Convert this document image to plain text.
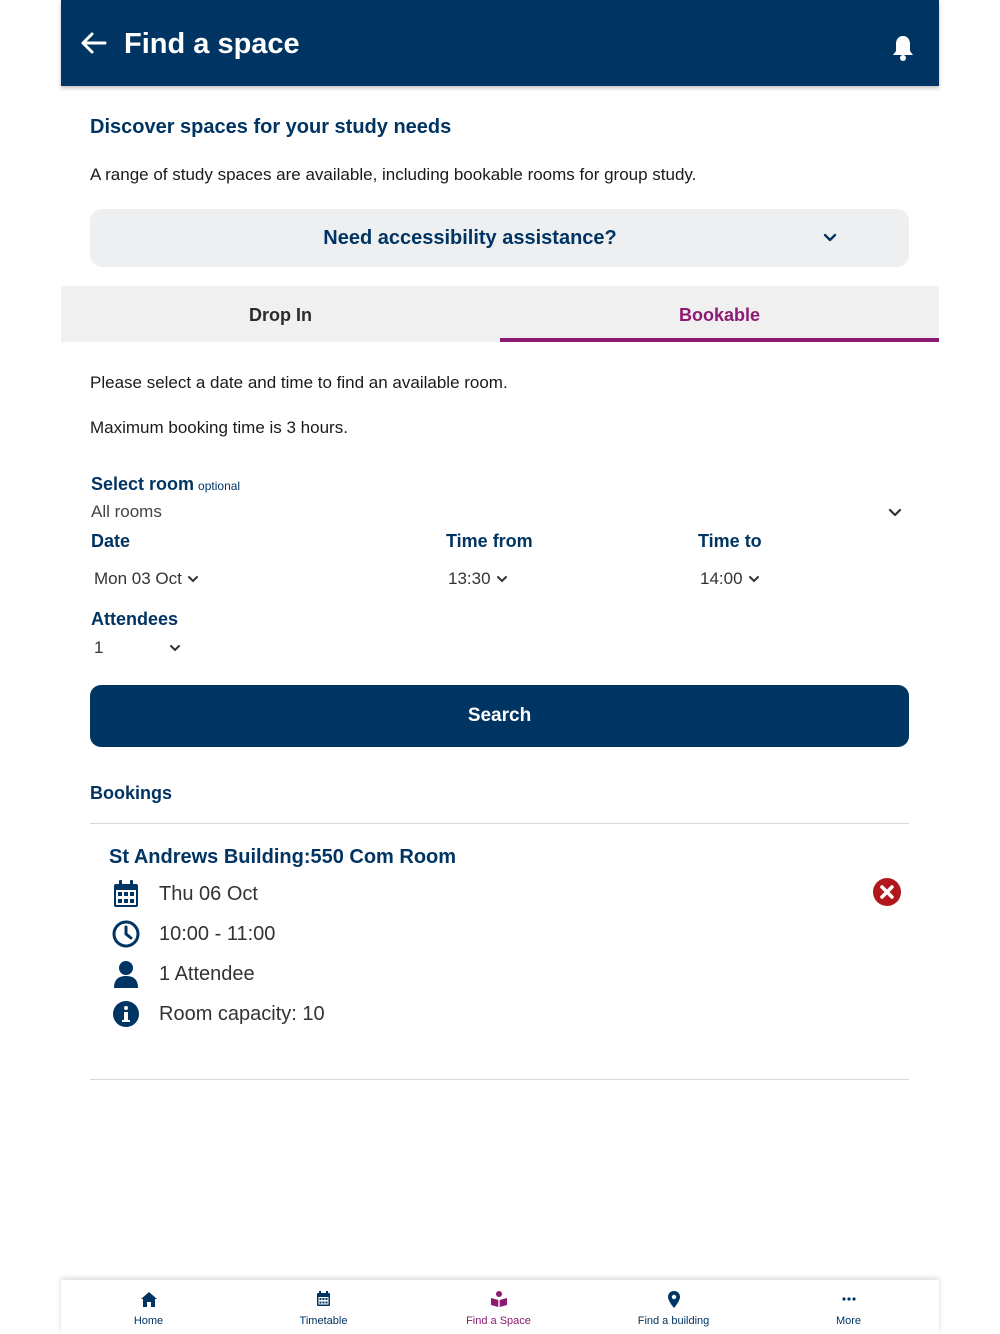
Find a space
Discover spaces for your study needs
A range of study spaces are available, including bookable rooms for group study.
Need accessibility assistance?
Drop In	Bookable
Please select a date and time to find an available room.
Maximum booking time is 3 hours.
Select room optional
All rooms
Date	Time from	Time to
Mon 03 Oct	13:30	14:00
Attendees
1
Search
Bookings
St Andrews Building:550 Com Room
Thu 06 Oct
10:00 - 11:00
1 Attendee
Room capacity: 10
Home	Timetable	Find a Space	Find a building	More
